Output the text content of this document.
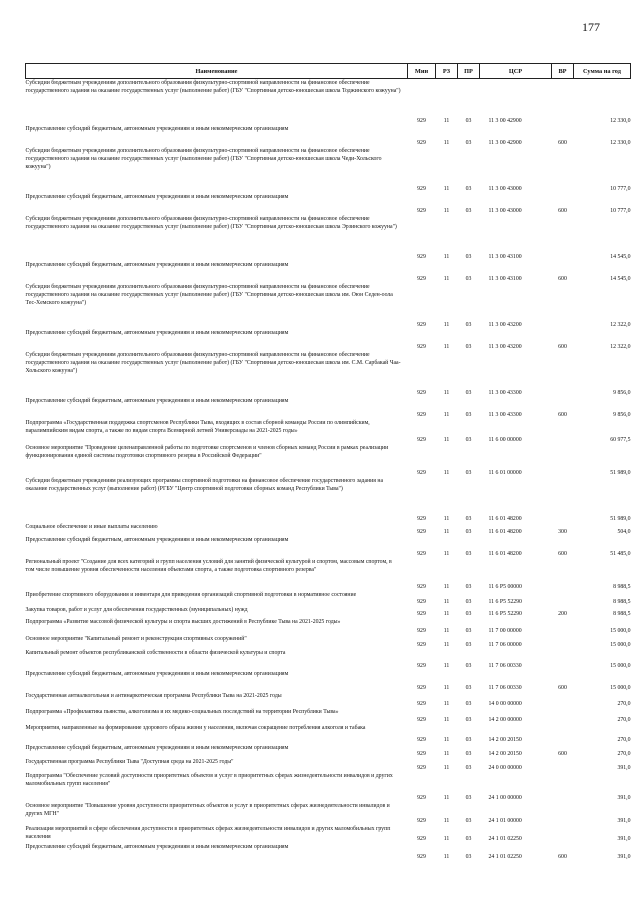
177
Наименование	Мин	РЗ	ПР	ЦСР	ВР	Сумма на год
Субсидии бюджетным учреждениям дополнительного образования физкультурно-спортивной направленности на финансовое обеспечение государственного задания на оказание государственных услуг (выполнение работ) (ГБУ "Спортивная детско-юношеская школа Тоджинского кожууна")	929	11	03	11 3 00 42900		12 330,0
Предоставление субсидий бюджетным, автономным учреждениям и иным некоммерческим организациям	929	11	03	11 3 00 42900	600	12 330,0
Субсидии бюджетным учреждениям дополнительного образования физкультурно-спортивной направленности на финансовое обеспечение государственного задания на оказание государственных услуг (выполнение работ) (ГБУ "Спортивная детско-юношеская школа Чеди-Хольского кожууна")	929	11	03	11 3 00 43000		10 777,0
Предоставление субсидий бюджетным, автономным учреждениям и иным некоммерческим организациям	929	11	03	11 3 00 43000	600	10 777,0
Субсидии бюджетным учреждениям дополнительного образования физкультурно-спортивной направленности на финансовое обеспечение государственного задания на оказание государственных услуг (выполнение работ) (ГБУ "Спортивная детско-юношеская школа Эрзинского кожууна")	929	11	03	11 3 00 43100		14 545,0
Предоставление субсидий бюджетным, автономным учреждениям и иным некоммерческим организациям	929	11	03	11 3 00 43100	600	14 545,0
Субсидии бюджетным учреждениям дополнительного образования физкультурно-спортивной направленности на финансовое обеспечение государственного задания на оказание государственных услуг (выполнение работ) (ГБУ "Спортивная детско-юношеская школа им. Оюн Седен-оола Тес-Хемского кожууна")	929	11	03	11 3 00 43200		12 322,0
Предоставление субсидий бюджетным, автономным учреждениям и иным некоммерческим организациям	929	11	03	11 3 00 43200	600	12 322,0
Субсидии бюджетным учреждениям дополнительного образования физкультурно-спортивной направленности на финансовое обеспечение государственного задания на оказание государственных услуг (выполнение работ) (ГБУ "Спортивная детско-юношеская школа им. С.М. Сарбакай Чаа-Хольского кожууна")	929	11	03	11 3 00 43300		9 856,0
Предоставление субсидий бюджетным, автономным учреждениям и иным некоммерческим организациям	929	11	03	11 3 00 43300	600	9 856,0
Подпрограмма «Государственная поддержка спортсменов Республики Тыва, входящих в состав сборной команды России по олимпийским, паралимпийским видам спорта, а также по видам спорта Всемирной летней Универсиады на 2021-2025 годы»	929	11	03	11 6 00 00000		60 977,5
Основное мероприятие "Проведение целенаправленной работы по подготовке спортсменов и членов сборных команд России в рамках реализации функционирования единой системы подготовки спортивного резерва в Российской Федерации"	929	11	03	11 6 01 00000		51 989,0
Субсидии бюджетным учреждениям реализующих программы спортивной подготовки на финансовое обеспечение государственного задания на оказание государственных услуг (выполнение работ) (РГБУ "Центр спортивной подготовки сборных команд Республики Тыва")	929	11	03	11 6 01 48200		51 989,0
Социальное обеспечение и иные выплаты населению	929	11	03	11 6 01 48200	300	504,0
Предоставление субсидий бюджетным, автономным учреждениям и иным некоммерческим организациям	929	11	03	11 6 01 48200	600	51 485,0
Региональный проект "Создание для всех категорий и групп населения условий для занятий физической культурой и спортом, массовым спортом, в том числе повышение уровня обеспеченности населения объектами спорта, а также подготовка спортивного резерва"	929	11	03	11 6 Р5 00000		8 988,5
Приобретение спортивного оборудования и инвентаря для приведения организаций спортивной подготовки в нормативное состояние	929	11	03	11 6 Р5 52290		8 988,5
Закупка товаров, работ и услуг для обеспечения государственных (муниципальных) нужд	929	11	03	11 6 Р5 52290	200	8 988,5
Подпрограмма «Развитие массовой физической культуры и спорта высших достижений в Республике Тыва на 2021-2025 годы»	929	11	03	11 7 00 00000		15 000,0
Основное мероприятие "Капитальный ремонт и реконструкция спортивных сооружений"	929	11	03	11 7 06 00000		15 000,0
Капитальный ремонт объектов республиканской собственности в области физической культуры и спорта	929	11	03	11 7 06 00330		15 000,0
Предоставление субсидий бюджетным, автономным учреждениям и иным некоммерческим организациям	929	11	03	11 7 06 00330	600	15 000,0
Государственная антиалкогольная и антинаркотическая программа Республики Тыва на 2021-2025 годы	929	11	03	14 0 00 00000		270,0
Подпрограмма «Профилактика пьянства, алкоголизма и их медико-социальных последствий на территории Республики Тыва»	929	11	03	14 2 00 00000		270,0
Мероприятия, направленные на формирование здорового образа жизни у населения, включая сокращение потребления алкоголя и табака	929	11	03	14 2 00 20150		270,0
Предоставление субсидий бюджетным, автономным учреждениям и иным некоммерческим организациям	929	11	03	14 2 00 20150	600	270,0
Государственная программа Республики Тыва "Доступная среда на 2021-2025 годы"	929	11	03	24 0 00 00000		391,0
Подпрограмма "Обеспечение условий доступности приоритетных объектов и услуг в приоритетных сферах жизнедеятельности инвалидов и других маломобильных групп населения"	929	11	03	24 1 00 00000		391,0
Основное мероприятие "Повышение уровня доступности приоритетных объектов и услуг в приоритетных сферах жизнедеятельности инвалидов и других МГН"	929	11	03	24 1 01 00000		391,0
Реализация мероприятий в сфере обеспечения доступности в приоритетных сферах жизнедеятельности инвалидов и других маломобильных групп населения	929	11	03	24 1 01 02250		391,0
Предоставление субсидий бюджетным, автономным учреждениям и иным некоммерческим организациям	929	11	03	24 1 01 02250	600	391,0
